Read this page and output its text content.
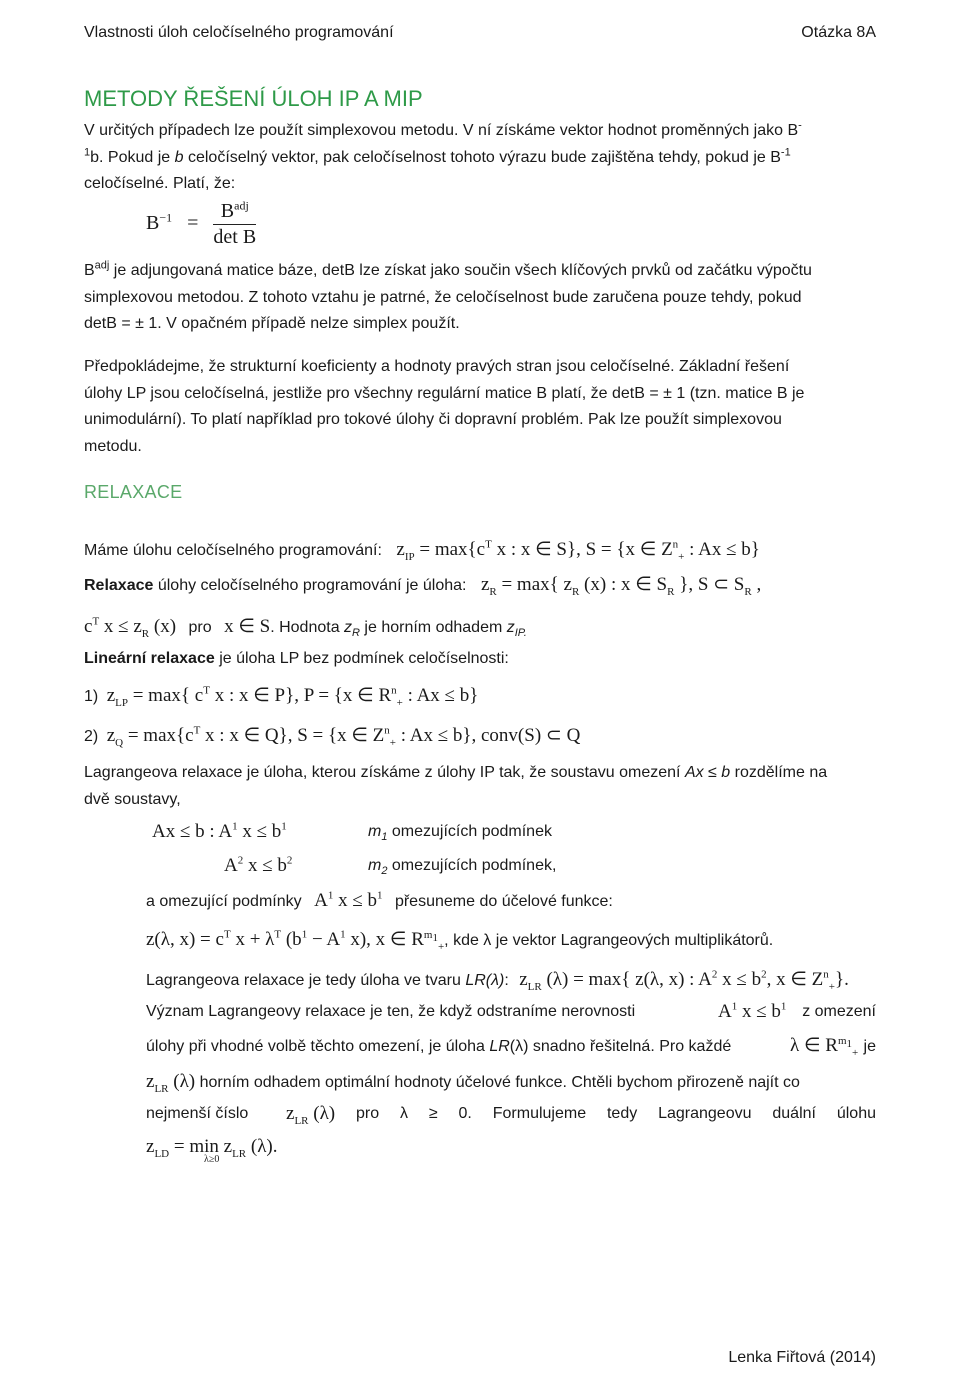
Vlastnosti úloh celočíselného programování	Otázka 8A
METODY ŘEŠENÍ ÚLOH IP A MIP
V určitých případech lze použít simplexovou metodu. V ní získáme vektor hodnot proměnných jako B-
$^1$b. Pokud je b celočíselný vektor, pak celočíselnost tohoto výrazu bude zajištěna tehdy, pokud je $B^{-1}$
celočíselné. Platí, že:
$B^{-1} = \frac{B^{adj}}{\text{det B}}$
$B^{adj}$ je adjungovaná matice báze, detB lze získat jako součin všech klíčových prvků od začátku výpočtu
simplexovou metodou. Z tohoto vztahu je patrné, že celočíselnost bude zaručena pouze tehdy, pokud
detB = ± 1. V opačném případě nelze simplex použít.
Předpokládejme, že strukturní koeficienty a hodnoty pravých stran jsou celočíselné. Základní řešení
úlohy LP jsou celočíselná, jestliže pro všechny regulární matice B platí, že detB = ± 1 (tzn. matice B je
unimodulární). To platí například pro tokové úlohy či dopravní problém. Pak lze použít simplexovou
metodu.
RELAXACE
Máme úlohu celočíselného programování: $z_{IP} = \max\{c^T$ x : x ∈ S}, S = {x ∈ $Z^n_+$ : Ax ≤ b}
Relaxace úlohy celočíselného programování je úloha: $z_R = \max${ $z_R$ (x) : x ∈ $S_R$ }, S ⊂ $S_R$ ,
$c^T$ $x \le z_R$ (x) pro x ∈ S. Hodnota $z_R$ je horním odhadem $z_{IP.}$
Lineární relaxace je úloha LP bez podmínek celočíselnosti:
1) $z_{LP} = \max${ $c^T$ x : x ∈ P}, P = {x ∈ $R^n_+$ : Ax ≤ b}
2) $z_Q = \max\{c^T$ x : x ∈ Q}, S = {x ∈ $Z^n_+$ : Ax ≤ b}, conv(S) ⊂ Q
Lagrangeova relaxace je úloha, kterou získáme z úlohy IP tak, že soustavu omezení Ax ≤ b rozdělíme na
dvě soustavy,
Ax ≤ b : $A^1$ $x \le b^1$	$m_1$ omezujících podmínek
$A^2$ $x \le b^2$	$m_2$ omezujících podmínek,
a omezující podmínky $A^1$ $x \le b^1$ přesuneme do účelové funkce:
z(λ, $x) = c^T$ $x + \lambda^T$ ($b^1 - A^1$ x), x ∈ $R^{m_1}_+$, kde λ je vektor Lagrangeových multiplikátorů.
Lagrangeova relaxace je tedy úloha ve tvaru LR(λ): $z_{LR}$ (λ) = max{ z(λ, x) : $A^2$ $x \le b^2$, x ∈ $Z^n_+$}.
Význam Lagrangeovy relaxace je ten, že když odstraníme nerovnosti	$A^1$ $x \le b^1$ z omezení
úlohy při vhodné volbě těchto omezení, je úloha LR(λ) snadno řešitelná. Pro každé	λ ∈ $R^{m_1}_+$ je
$z_{LR}$ (λ) horním odhadem optimální hodnoty účelové funkce. Chtěli bychom přirozeně najít co
nejmenší číslo $z_{LR}$ (λ) pro λ ≥ 0. Formulujeme tedy Lagrangeovu duální úlohu
$z_{LD} = \min z_{LR}$ (λ).
λ≥0
Lenka Fiřtová (2014)
